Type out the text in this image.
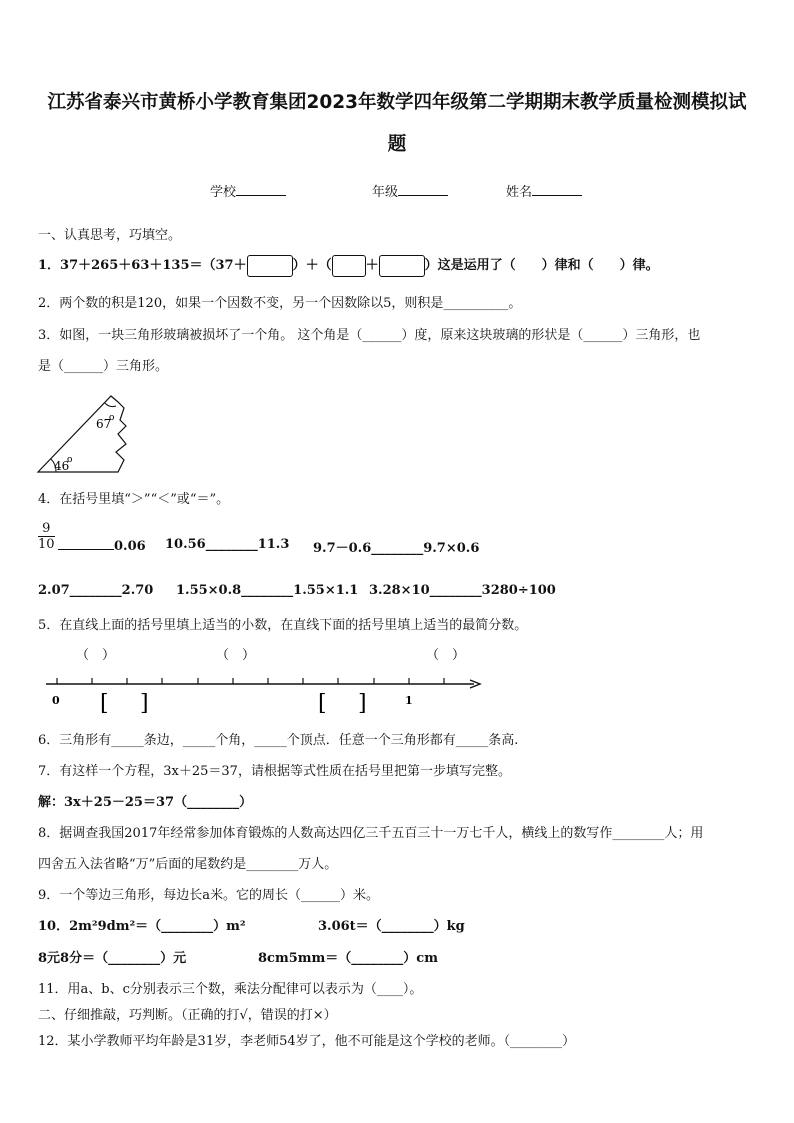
江苏省泰兴市黄桥小学教育集团2023年数学四年级第二学期期末教学质量检测模拟试
题
学校	年级	姓名
一、认真思考，巧填空。
1．37＋265＋63＋135＝（37＋	）＋（	＋	）这是运用了（　　）律和（　　）律。
2．两个数的积是120，如果一个因数不变，另一个因数除以5，则积是__________。
3．如图，一块三角形玻璃被损坏了一个角。 这个角是（______）度，原来这块玻璃的形状是（______）三角形，也
是（______）三角形。
67
o
46
o
4．在括号里填“＞”“＜”或“＝”。
$\frac{9}{10}$	0.06 10.56________11.3 9.7－0.6________9.7×0.6
2.07________2.70 1.55×0.8________1.55×1.1 3.28×10________3280÷100
5．在直线上面的括号里填上适当的小数，在直线下面的括号里填上适当的最简分数。
（　）	（　）	（　）
0	1
[ ]	[ ]
6．三角形有_____条边，_____个角，_____个顶点．任意一个三角形都有_____条高.
7．有这样一个方程，3x＋25＝37，请根据等式性质在括号里把第一步填写完整。
解：3x＋25－25＝37（________）
8．据调查我国2017年经常参加体育锻炼的人数高达四亿三千五百三十一万七千人，横线上的数写作________人；用
四舍五入法省略“万”后面的尾数约是________万人。
9．一个等边三角形，每边长a米。它的周长（______）米。
10．2m²9dm²＝（________）m²	3.06t＝（________）kg
8元8分＝（________）元	8cm5mm＝（________）cm
11．用a、b、c分别表示三个数，乘法分配律可以表示为（____）。
二、仔细推敲，巧判断。（正确的打√，错误的打×）
12．某小学教师平均年龄是31岁，李老师54岁了，他不可能是这个学校的老师。（________）
